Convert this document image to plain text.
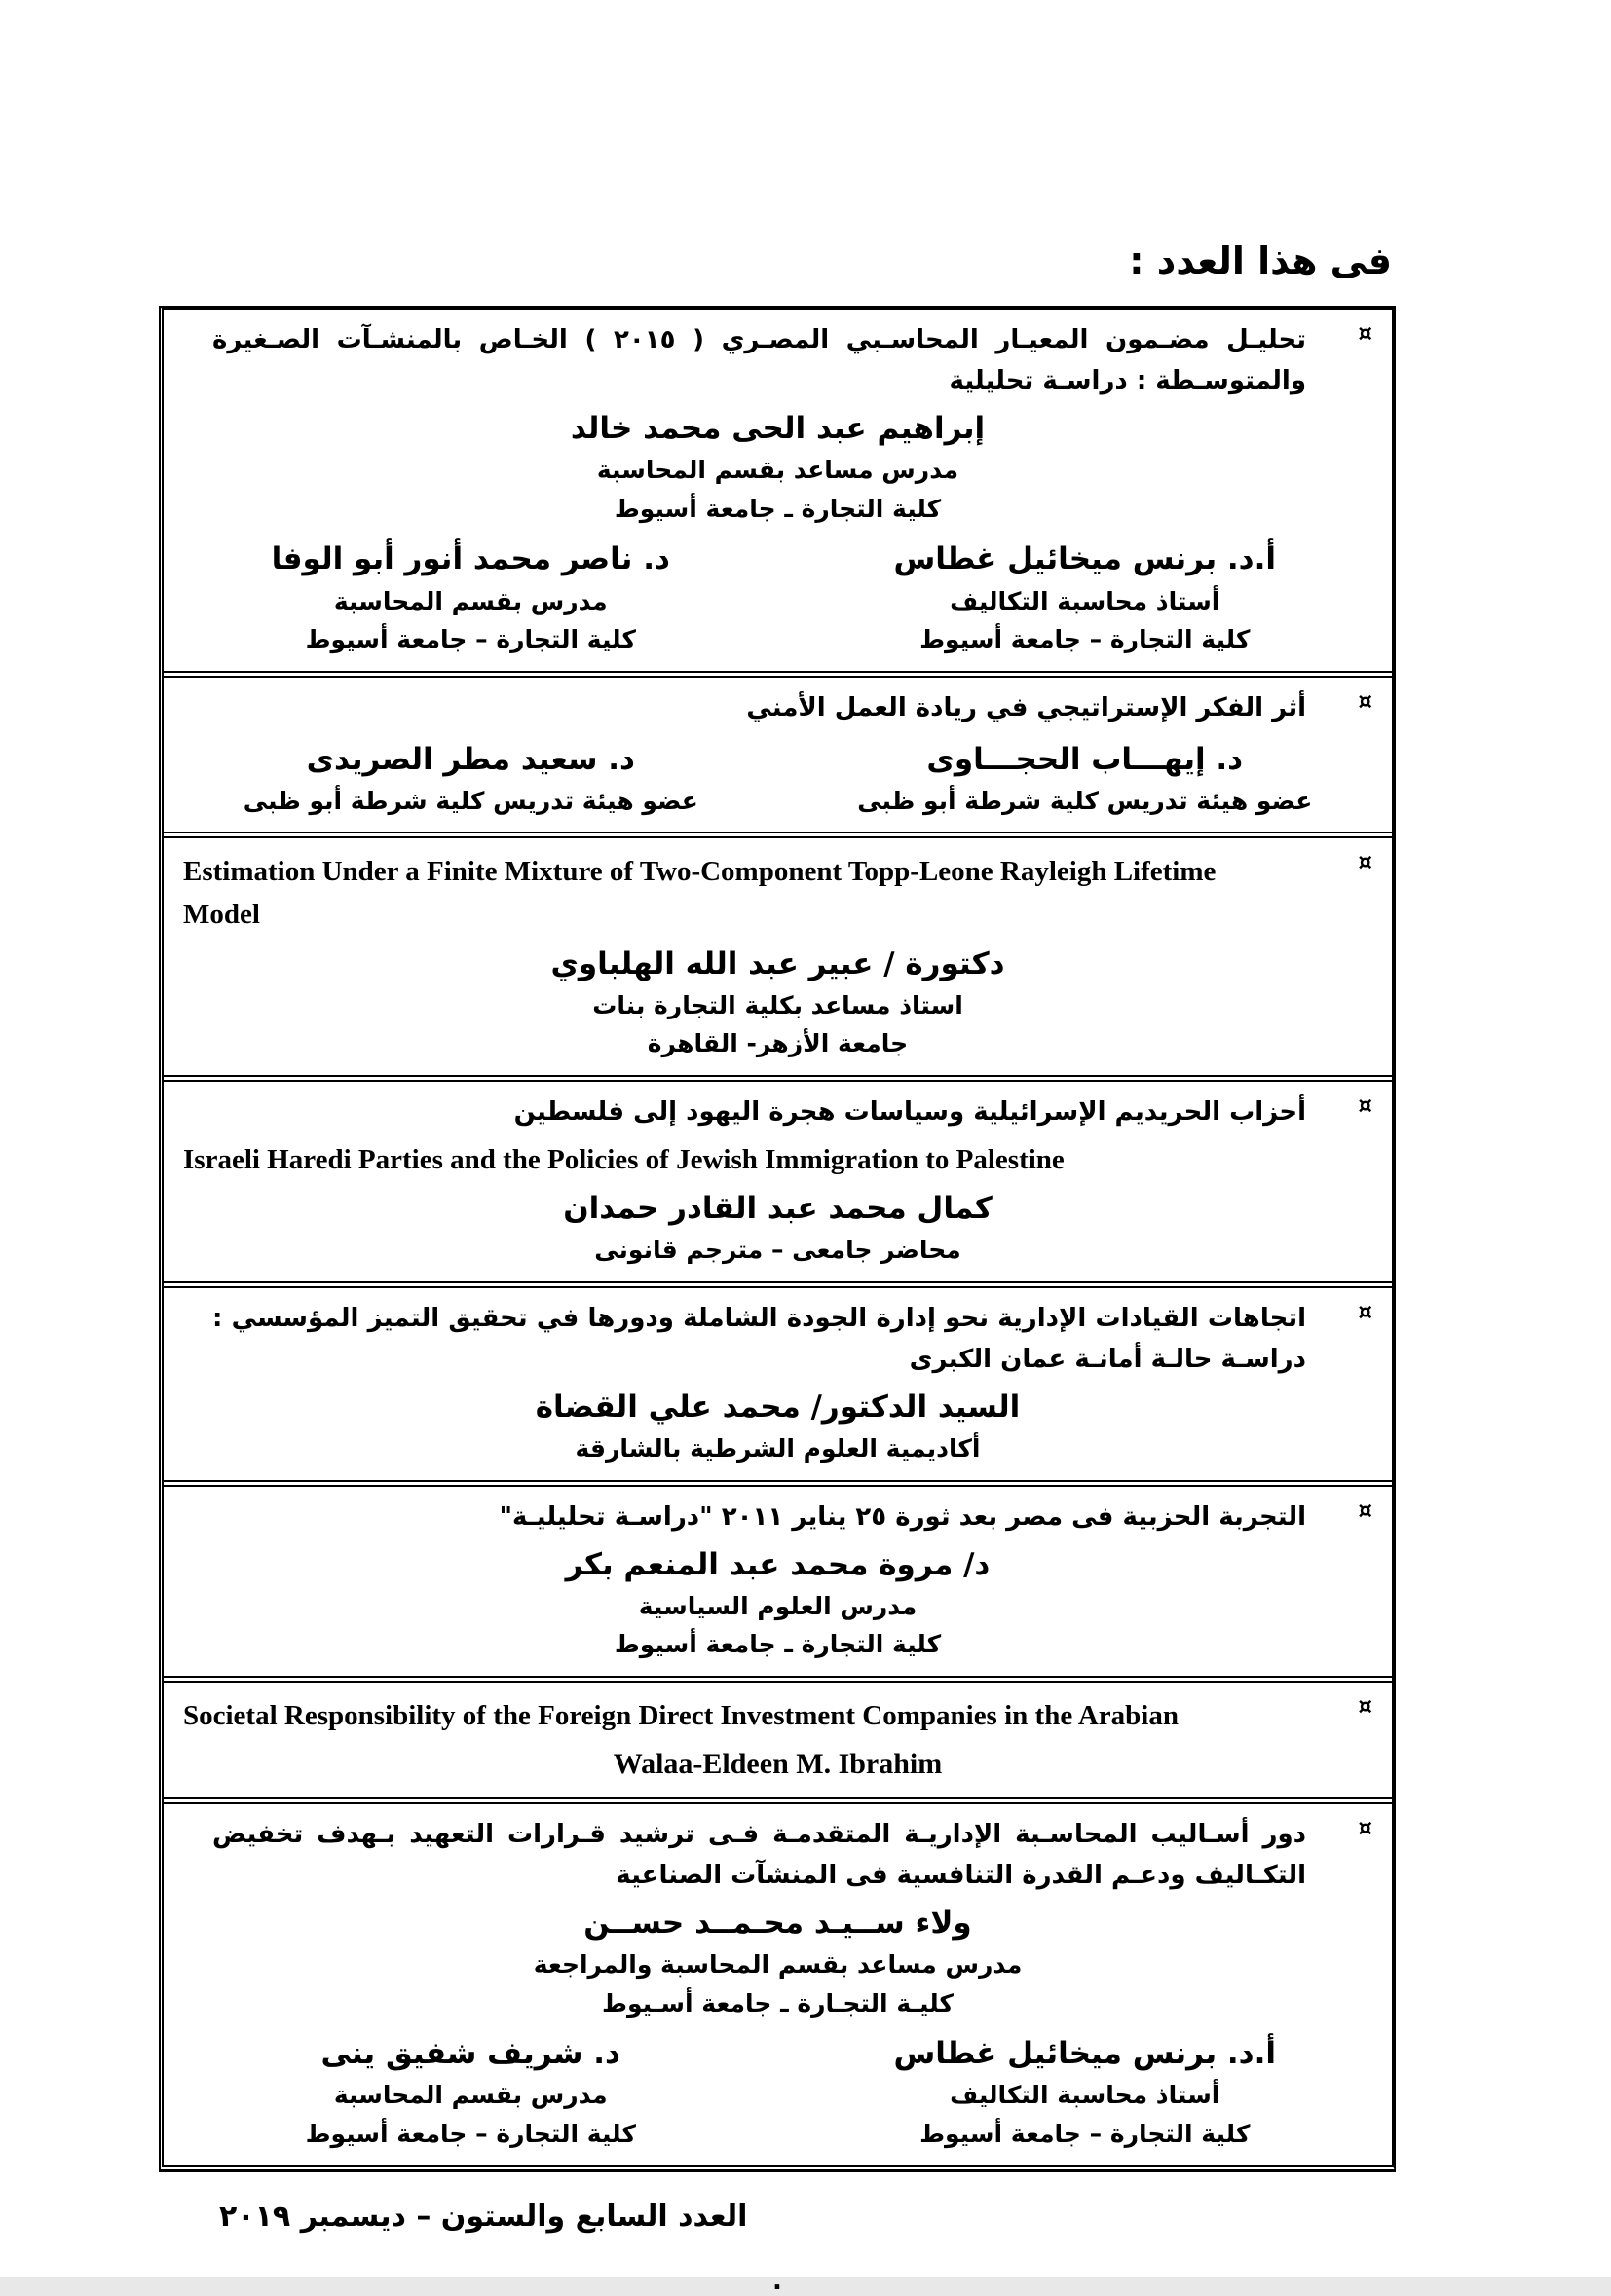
فى هذا العدد :
¤
تحليـل مضـمون المعيـار المحاسـبي المصـري ( ٢٠١٥ ) الخـاص بالمنشـآت الصـغيرة والمتوسـطة : دراسـة تحليلية
إبراهيم عبد الحى محمد خالد
مدرس مساعد بقسم المحاسبة
كلية التجارة ـ جامعة أسيوط
أ.د. برنس ميخائيل غطاس
أستاذ محاسبة التكاليف
كلية التجارة – جامعة أسيوط
د. ناصر محمد أنور أبو الوفا
مدرس بقسم المحاسبة
كلية التجارة – جامعة أسيوط
¤
أثر الفكر الإستراتيجي في ريادة العمل الأمني
د. إيهـــاب الحجـــاوى
عضو هيئة تدريس كلية شرطة أبو ظبى
د. سعيد مطر الصريدى
عضو هيئة تدريس كلية شرطة أبو ظبى
¤
Estimation Under a Finite Mixture of Two-Component Topp-Leone Rayleigh Lifetime Model
دكتورة / عبير عبد الله الهلباوي
استاذ مساعد بكلية التجارة بنات
جامعة الأزهر- القاهرة
¤
أحزاب الحريديم الإسرائيلية وسياسات هجرة اليهود إلى فلسطين
Israeli Haredi Parties and the Policies of Jewish Immigration to Palestine
كمال محمد عبد القادر حمدان
محاضر جامعى – مترجم قانونى
¤
اتجاهات القيادات الإدارية نحو إدارة الجودة الشاملة ودورها في تحقيق التميز المؤسسي : دراسـة حالـة أمانـة عمان الكبرى
السيد الدكتور/ محمد علي القضاة
أكاديمية العلوم الشرطية بالشارقة
¤
التجربة الحزبية فى مصر بعد ثورة ٢٥ يناير ٢٠١١ "دراسـة تحليليـة"
د/ مروة محمد عبد المنعم بكر
مدرس العلوم السياسية
كلية التجارة ـ جامعة أسيوط
¤
Societal Responsibility of the Foreign Direct Investment Companies in the Arabian
Walaa-Eldeen M. Ibrahim
¤
دور أسـاليب المحاسـبة الإداريـة المتقدمـة فـى ترشيد قـرارات التعهيد بـهدف تخفيض التكـاليف ودعـم القدرة التنافسية فى المنشآت الصناعية
ولاء ســيـد محـمــد حســن
مدرس مساعد بقسم المحاسبة والمراجعة
كليـة التجـارة ـ جامعة أسـيوط
أ.د. برنس ميخائيل غطاس
أستاذ محاسبة التكاليف
كلية التجارة – جامعة أسيوط
د. شريف شفيق ينى
مدرس بقسم المحاسبة
كلية التجارة – جامعة أسيوط
العدد السابع والستون – ديسمبر ٢٠١٩
.
